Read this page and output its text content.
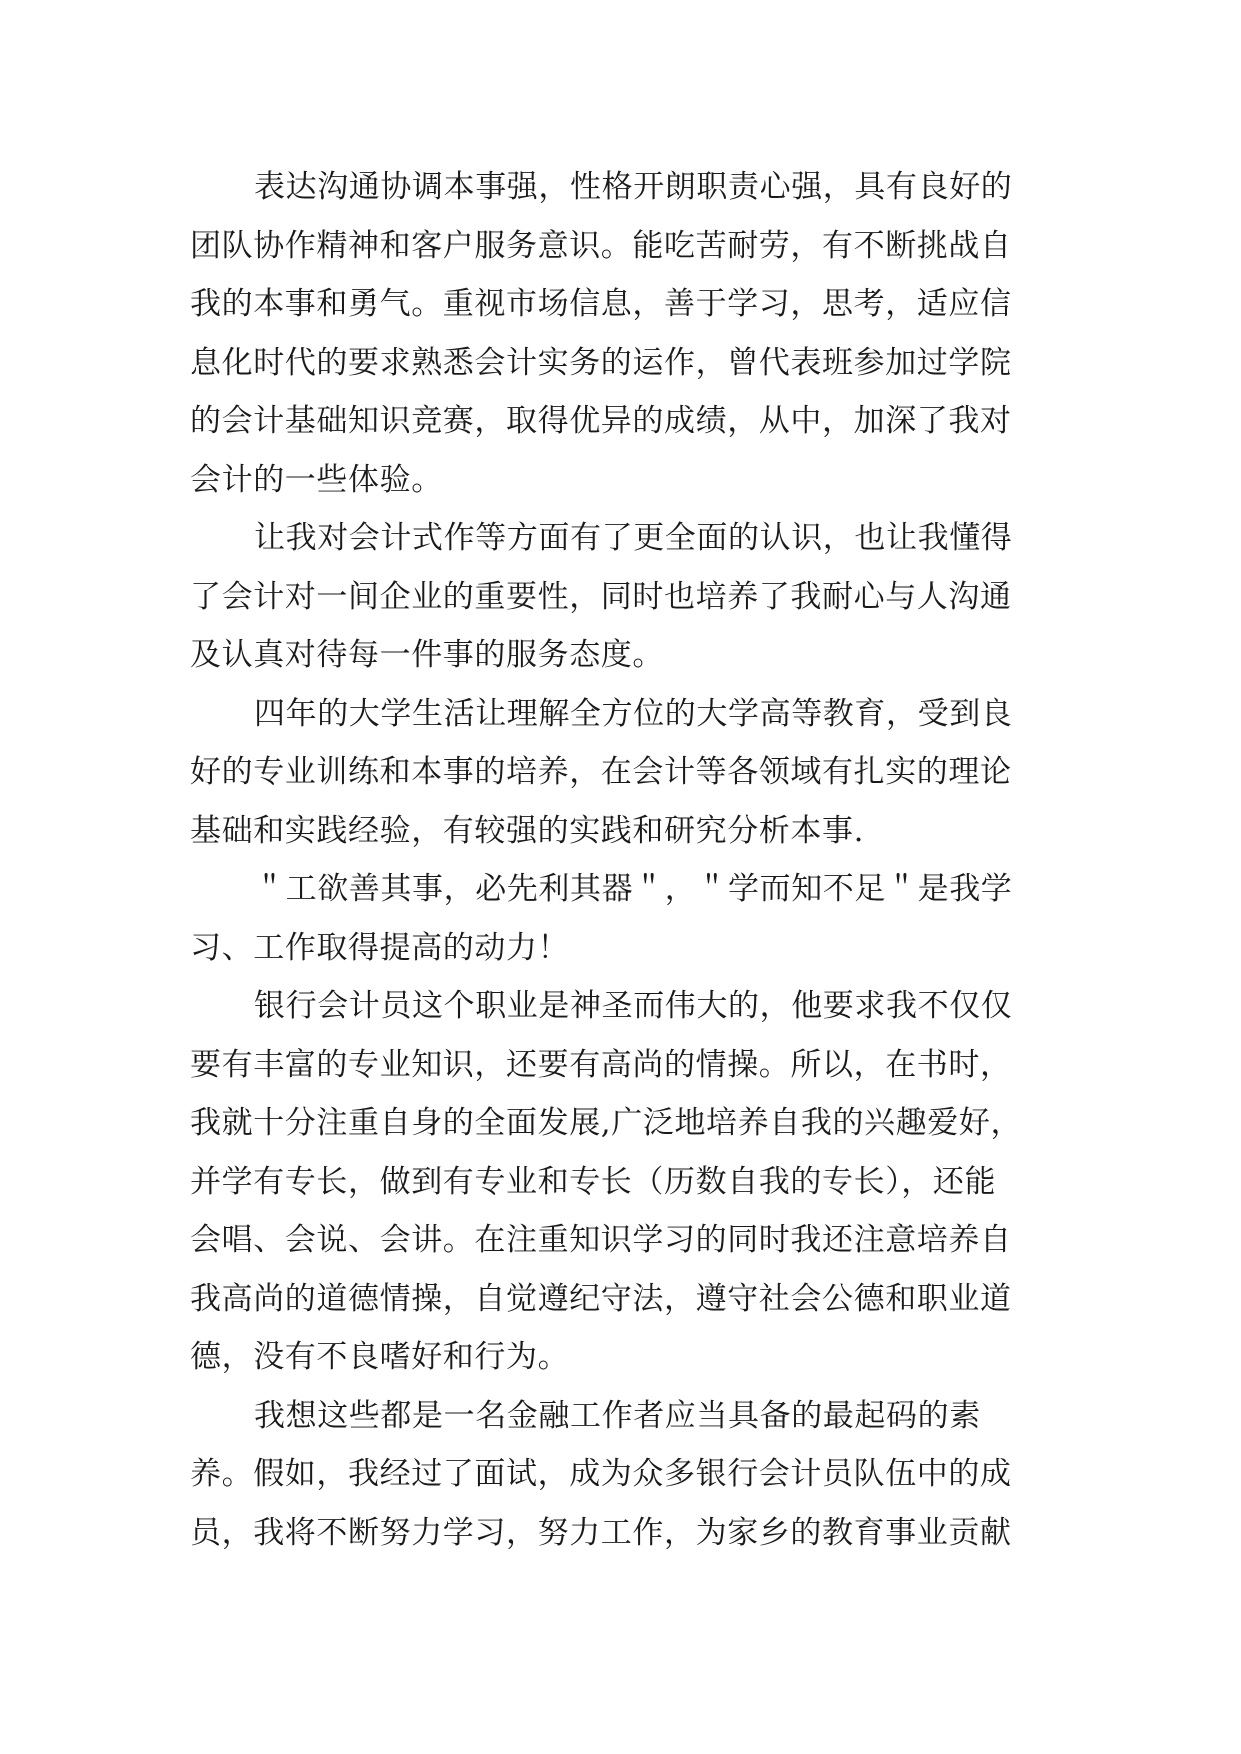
表达沟通协调本事强，性格开朗职责心强，具有良好的
团队协作精神和客户服务意识。能吃苦耐劳，有不断挑战自
我的本事和勇气。重视市场信息，善于学习，思考，适应信
息化时代的要求熟悉会计实务的运作，曾代表班参加过学院
的会计基础知识竞赛，取得优异的成绩，从中，加深了我对
会计的一些体验。
让我对会计式作等方面有了更全面的认识，也让我懂得
了会计对一间企业的重要性，同时也培养了我耐心与人沟通
及认真对待每一件事的服务态度。
四年的大学生活让理解全方位的大学高等教育，受到良
好的专业训练和本事的培养，在会计等各领域有扎实的理论
基础和实践经验，有较强的实践和研究分析本事.
＂工欲善其事，必先利其器＂，＂学而知不足＂是我学
习、工作取得提高的动力！
银行会计员这个职业是神圣而伟大的，他要求我不仅仅
要有丰富的专业知识，还要有高尚的情操。所以，在书时，
我就十分注重自身的全面发展,广泛地培养自我的兴趣爱好，
并学有专长，做到有专业和专长（历数自我的专长），还能
会唱、会说、会讲。在注重知识学习的同时我还注意培养自
我高尚的道德情操，自觉遵纪守法，遵守社会公德和职业道
德，没有不良嗜好和行为。
我想这些都是一名金融工作者应当具备的最起码的素
养。假如，我经过了面试，成为众多银行会计员队伍中的成
员，我将不断努力学习，努力工作，为家乡的教育事业贡献
